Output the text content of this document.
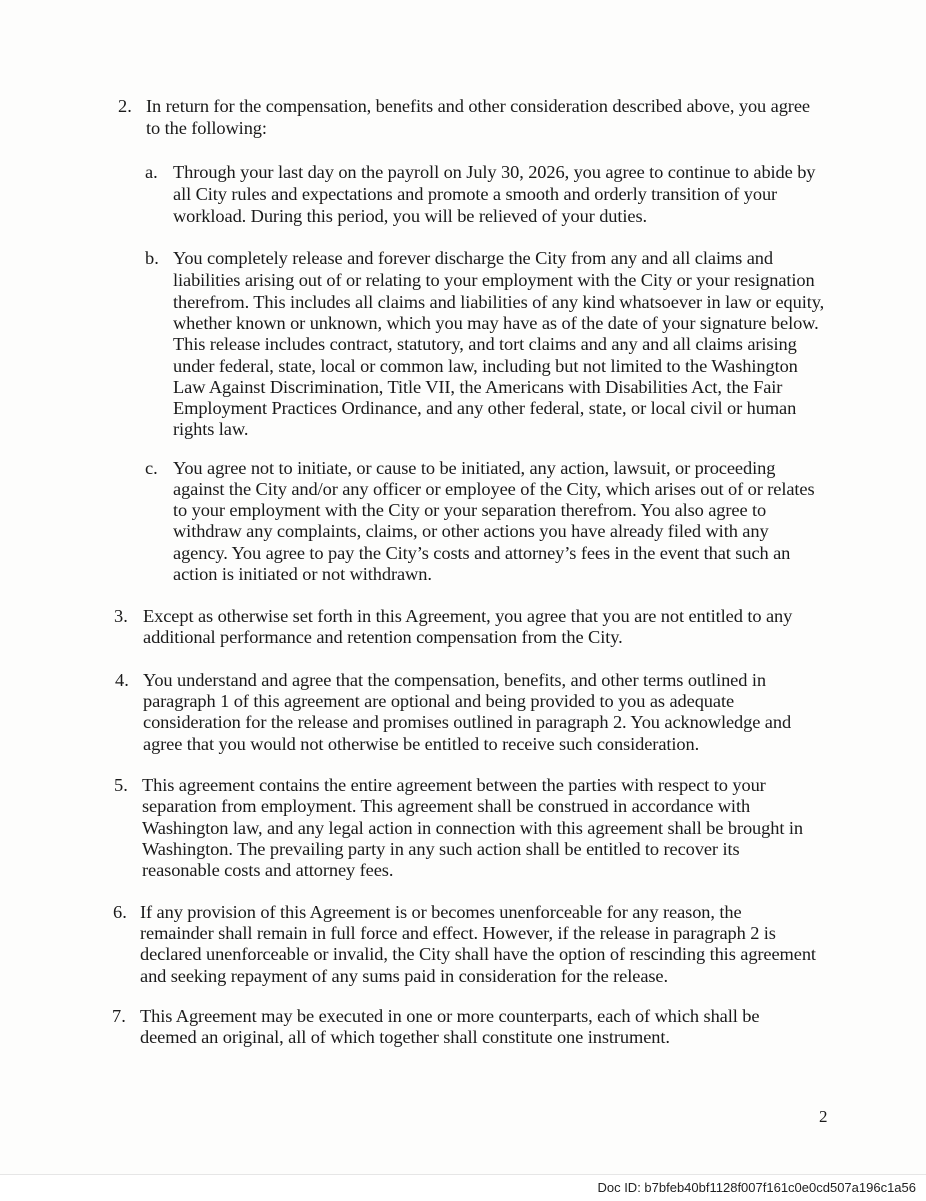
2. In return for the compensation, benefits and other consideration described above, you agree
to the following:
a. Through your last day on the payroll on July 30, 2026, you agree to continue to abide by
all City rules and expectations and promote a smooth and orderly transition of your
workload. During this period, you will be relieved of your duties.
b. You completely release and forever discharge the City from any and all claims and
liabilities arising out of or relating to your employment with the City or your resignation
therefrom. This includes all claims and liabilities of any kind whatsoever in law or equity,
whether known or unknown, which you may have as of the date of your signature below.
This release includes contract, statutory, and tort claims and any and all claims arising
under federal, state, local or common law, including but not limited to the Washington
Law Against Discrimination, Title VII, the Americans with Disabilities Act, the Fair
Employment Practices Ordinance, and any other federal, state, or local civil or human
rights law.
c. You agree not to initiate, or cause to be initiated, any action, lawsuit, or proceeding
against the City and/or any officer or employee of the City, which arises out of or relates
to your employment with the City or your separation therefrom. You also agree to
withdraw any complaints, claims, or other actions you have already filed with any
agency. You agree to pay the City’s costs and attorney’s fees in the event that such an
action is initiated or not withdrawn.
3. Except as otherwise set forth in this Agreement, you agree that you are not entitled to any
additional performance and retention compensation from the City.
4. You understand and agree that the compensation, benefits, and other terms outlined in
paragraph 1 of this agreement are optional and being provided to you as adequate
consideration for the release and promises outlined in paragraph 2. You acknowledge and
agree that you would not otherwise be entitled to receive such consideration.
5. This agreement contains the entire agreement between the parties with respect to your
separation from employment. This agreement shall be construed in accordance with
Washington law, and any legal action in connection with this agreement shall be brought in
Washington. The prevailing party in any such action shall be entitled to recover its
reasonable costs and attorney fees.
6. If any provision of this Agreement is or becomes unenforceable for any reason, the
remainder shall remain in full force and effect. However, if the release in paragraph 2 is
declared unenforceable or invalid, the City shall have the option of rescinding this agreement
and seeking repayment of any sums paid in consideration for the release.
7. This Agreement may be executed in one or more counterparts, each of which shall be
deemed an original, all of which together shall constitute one instrument.
2
Doc ID: b7bfeb40bf1128f007f161c0e0cd507a196c1a56
